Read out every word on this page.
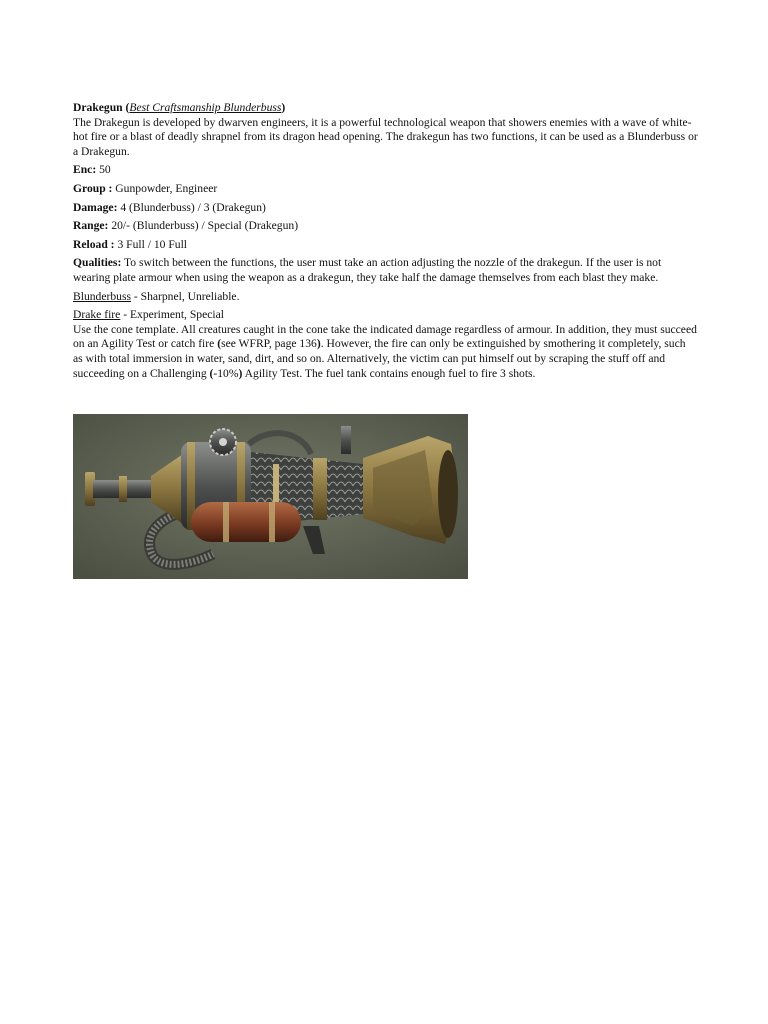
Drakegun (Best Craftsmanship Blunderbuss)

The Drakegun is developed by dwarven engineers, it is a powerful technological weapon that showers enemies with a wave of white-hot fire or a blast of deadly shrapnel from its dragon head opening. The drakegun has two functions, it can be used as a Blunderbuss or a Drakegun.

Enc: 50

Group : Gunpowder, Engineer

Damage: 4 (Blunderbuss) / 3 (Drakegun)

Range: 20/- (Blunderbuss) / Special (Drakegun)

Reload : 3 Full / 10 Full

Qualities: To switch between the functions, the user must take an action adjusting the nozzle of the drakegun. If the user is not wearing plate armour when using the weapon as a drakegun, they take half the damage themselves from each blast they make.

Blunderbuss - Sharpnel, Unreliable.

Drake fire - Experiment, Special

Use the cone template. All creatures caught in the cone take the indicated damage regardless of armour. In addition, they must succeed on an Agility Test or catch fire (see WFRP, page 136). However, the fire can only be extinguished by smothering it completely, such as with total immersion in water, sand, dirt, and so on. Alternatively, the victim can put himself out by scraping the stuff off and succeeding on a Challenging (-10%) Agility Test. The fuel tank contains enough fuel to fire 3 shots.
